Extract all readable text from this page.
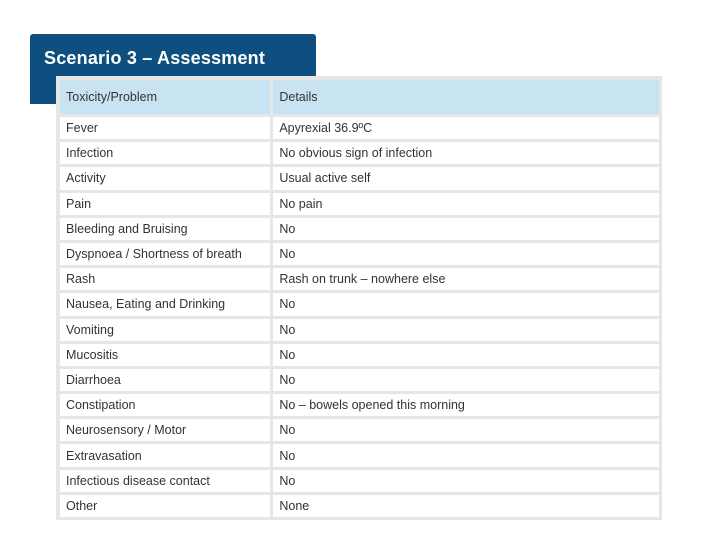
Scenario 3 – Assessment
Toxicity/Problem	Details
Fever	Apyrexial 36.9ºC
Infection	No obvious sign of infection
Activity	Usual active self
Pain	No pain
Bleeding and Bruising	No
Dyspnoea / Shortness of breath	No
Rash	Rash on trunk – nowhere else
Nausea, Eating and Drinking	No
Vomiting	No
Mucositis	No
Diarrhoea	No
Constipation	No – bowels opened this morning
Neurosensory / Motor	No
Extravasation	No
Infectious disease contact	No
Other	None
